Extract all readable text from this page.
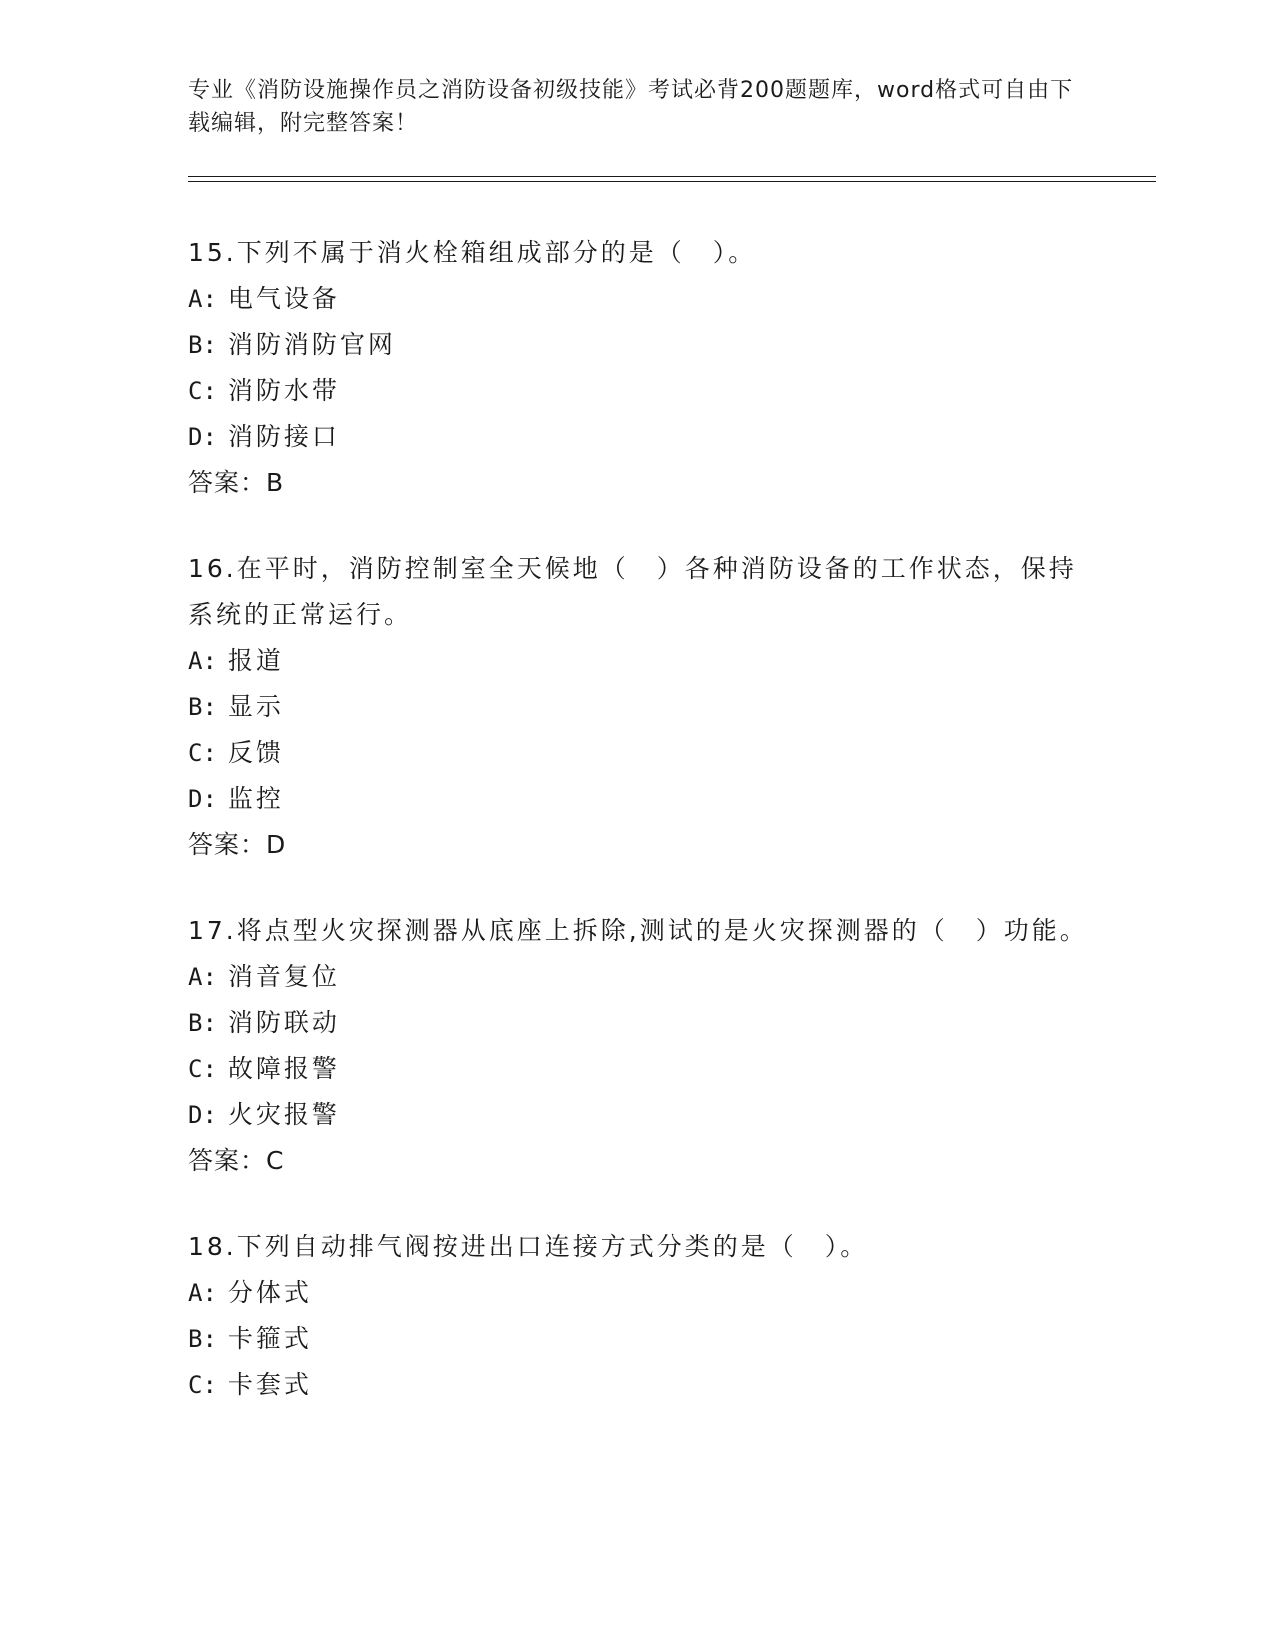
专业《消防设施操作员之消防设备初级技能》考试必背200题题库，word格式可自由下载编辑，附完整答案！
15.下列不属于消火栓箱组成部分的是（　）。
A: 电气设备
B: 消防消防官网
C: 消防水带
D: 消防接口
答案：B
16.在平时，消防控制室全天候地（　）各种消防设备的工作状态，保持系统的正常运行。
A: 报道
B: 显示
C: 反馈
D: 监控
答案：D
17.将点型火灾探测器从底座上拆除,测试的是火灾探测器的（　）功能。
A: 消音复位
B: 消防联动
C: 故障报警
D: 火灾报警
答案：C
18.下列自动排气阀按进出口连接方式分类的是（　）。
A: 分体式
B: 卡箍式
C: 卡套式
